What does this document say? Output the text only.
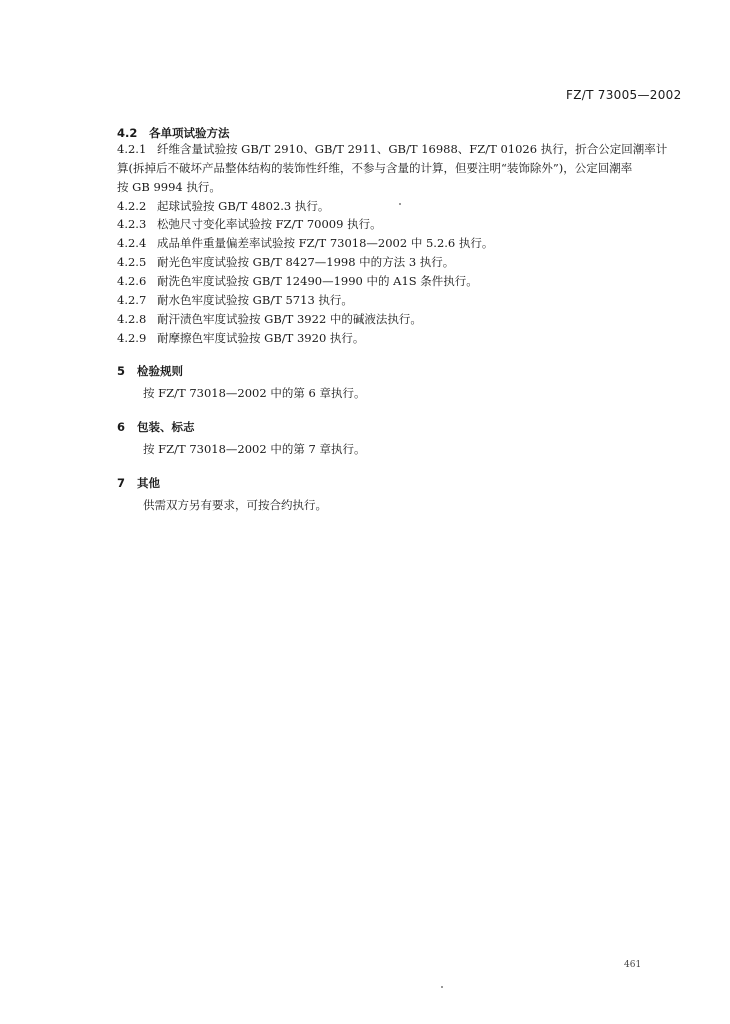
FZ/T 73005—2002
4.2 各单项试验方法
4.2.1 纤维含量试验按 GB/T 2910、GB/T 2911、GB/T 16988、FZ/T 01026 执行，折合公定回潮率计
算(拆掉后不破坏产品整体结构的装饰性纤维，不参与含量的计算，但要注明“装饰除外”)，公定回潮率
按 GB 9994 执行。
4.2.2 起球试验按 GB/T 4802.3 执行。
4.2.3 松弛尺寸变化率试验按 FZ/T 70009 执行。
4.2.4 成品单件重量偏差率试验按 FZ/T 73018—2002 中 5.2.6 执行。
4.2.5 耐光色牢度试验按 GB/T 8427—1998 中的方法 3 执行。
4.2.6 耐洗色牢度试验按 GB/T 12490—1990 中的 A1S 条件执行。
4.2.7 耐水色牢度试验按 GB/T 5713 执行。
4.2.8 耐汗渍色牢度试验按 GB/T 3922 中的碱液法执行。
4.2.9 耐摩擦色牢度试验按 GB/T 3920 执行。
5 检验规则
按 FZ/T 73018—2002 中的第 6 章执行。
6 包装、标志
按 FZ/T 73018—2002 中的第 7 章执行。
7 其他
供需双方另有要求，可按合约执行。
461
